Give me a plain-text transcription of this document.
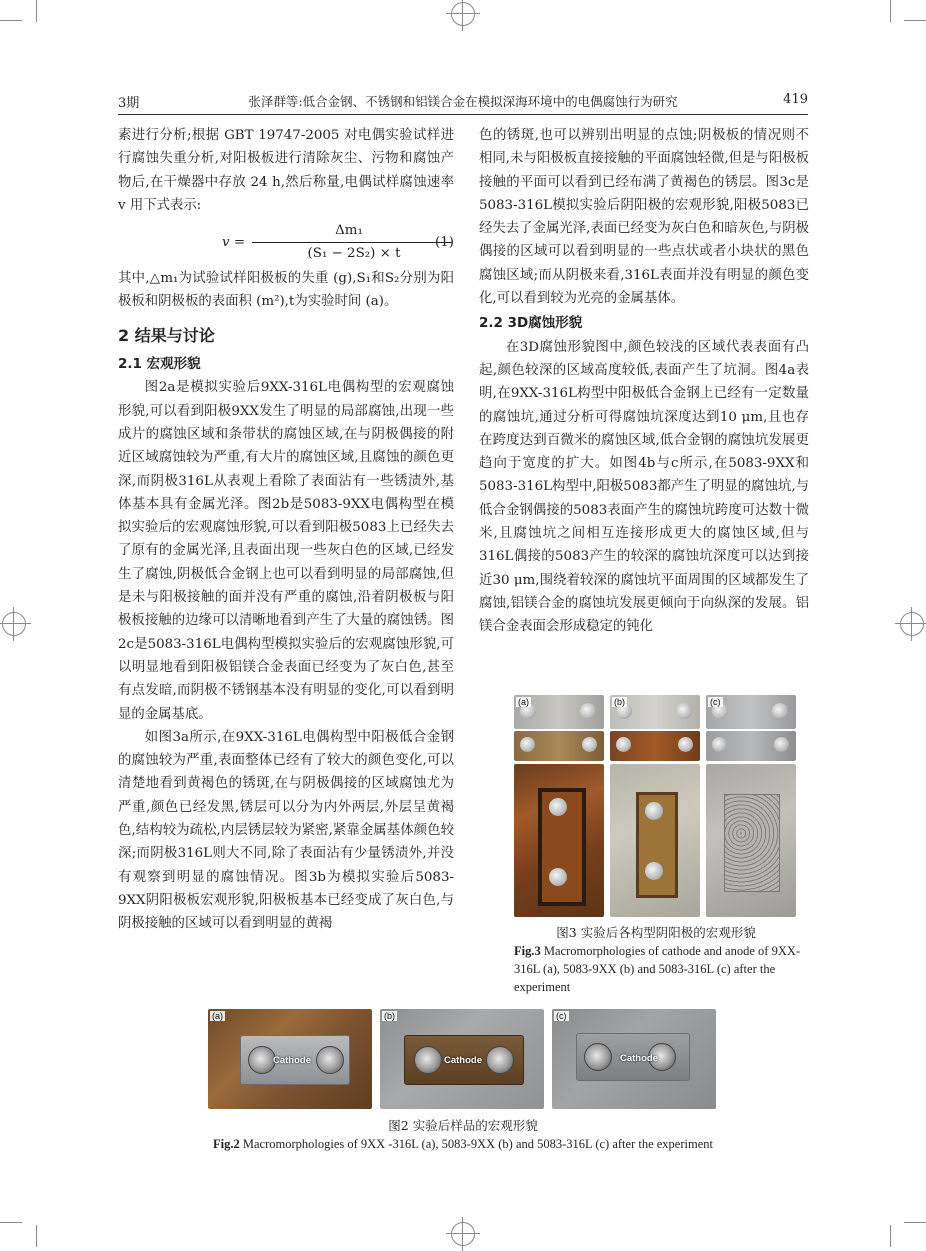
3期	张泽群等:低合金钢、不锈钢和铝镁合金在模拟深海环境中的电偶腐蚀行为研究	419

素进行分析;根据 GBT 19747-2005 对电偶实验试样进行腐蚀失重分析,对阳极板进行清除灰尘、污物和腐蚀产物后,在干燥器中存放 24 h,然后称量,电偶试样腐蚀速率 v 用下式表示:

v =
Δm₁
(S₁ − 2S₂) × t
(1)

其中,△m₁为试验试样阳极板的失重 (g),S₁和S₂分别为阳极板和阴极板的表面积 (m²),t为实验时间 (a)。

2 结果与讨论

2.1 宏观形貌

图2a是模拟实验后9XX-316L电偶构型的宏观腐蚀形貌,可以看到阳极9XX发生了明显的局部腐蚀,出现一些成片的腐蚀区域和条带状的腐蚀区域,在与阴极偶接的附近区域腐蚀较为严重,有大片的腐蚀区域,且腐蚀的颜色更深,而阴极316L从表观上看除了表面沾有一些锈渍外,基体基本具有金属光泽。图2b是5083-9XX电偶构型在模拟实验后的宏观腐蚀形貌,可以看到阳极5083上已经失去了原有的金属光泽,且表面出现一些灰白色的区域,已经发生了腐蚀,阴极低合金钢上也可以看到明显的局部腐蚀,但是未与阳极接触的面并没有严重的腐蚀,沿着阴极板与阳极板接触的边缘可以清晰地看到产生了大量的腐蚀锈。图2c是5083-316L电偶构型模拟实验后的宏观腐蚀形貌,可以明显地看到阳极铝镁合金表面已经变为了灰白色,甚至有点发暗,而阴极不锈钢基本没有明显的变化,可以看到明显的金属基底。

如图3a所示,在9XX-316L电偶构型中阳极低合金钢的腐蚀较为严重,表面整体已经有了较大的颜色变化,可以清楚地看到黄褐色的锈斑,在与阴极偶接的区域腐蚀尤为严重,颜色已经发黑,锈层可以分为内外两层,外层呈黄褐色,结构较为疏松,内层锈层较为紧密,紧靠金属基体颜色较深;而阴极316L则大不同,除了表面沾有少量锈渍外,并没有观察到明显的腐蚀情况。图3b为模拟实验后5083-9XX阴阳极板宏观形貌,阳极板基本已经变成了灰白色,与阴极接触的区域可以看到明显的黄褐

色的锈斑,也可以辨别出明显的点蚀;阴极板的情况则不相同,未与阳极板直接接触的平面腐蚀轻微,但是与阳极板接触的平面可以看到已经布满了黄褐色的锈层。图3c是5083-316L模拟实验后阴阳极的宏观形貌,阳极5083已经失去了金属光泽,表面已经变为灰白色和暗灰色,与阴极偶接的区域可以看到明显的一些点状或者小块状的黑色腐蚀区域;而从阴极来看,316L表面并没有明显的颜色变化,可以看到较为光亮的金属基体。

2.2 3D腐蚀形貌

在3D腐蚀形貌图中,颜色较浅的区域代表表面有凸起,颜色较深的区域高度较低,表面产生了坑洞。图4a表明,在9XX-316L构型中阳极低合金钢上已经有一定数量的腐蚀坑,通过分析可得腐蚀坑深度达到10 μm,且也存在跨度达到百微米的腐蚀区域,低合金钢的腐蚀坑发展更趋向于宽度的扩大。如图4b与c所示,在5083-9XX和5083-316L构型中,阳极5083都产生了明显的腐蚀坑,与低合金钢偶接的5083表面产生的腐蚀坑跨度可达数十微米,且腐蚀坑之间相互连接形成更大的腐蚀区域,但与316L偶接的5083产生的较深的腐蚀坑深度可以达到接近30 μm,围绕着较深的腐蚀坑平面周围的区域都发生了腐蚀,铝镁合金的腐蚀坑发展更倾向于向纵深的发展。铝镁合金表面会形成稳定的钝化

(a)	(b)	(c)
图3 实验后各构型阴阳极的宏观形貌
Fig.3 Macromorphologies of cathode and anode of 9XX-316L (a), 5083-9XX (b) and 5083-316L (c) after the experiment
Cathode
(a)
Cathode
(b)
Cathode
(c)
图2 实验后样品的宏观形貌
Fig.2 Macromorphologies of 9XX -316L (a), 5083-9XX (b) and 5083-316L (c) after the experiment
